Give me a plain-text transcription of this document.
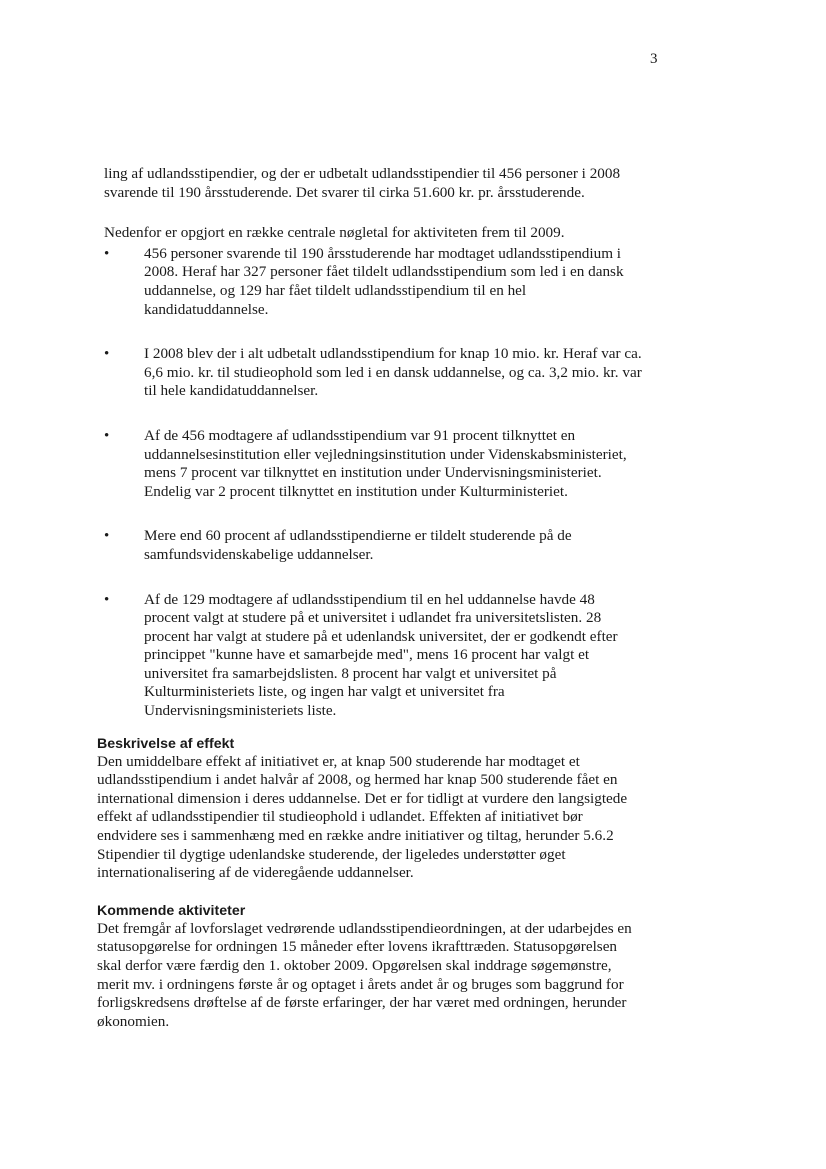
3

ling af udlandsstipendier, og der er udbetalt udlandsstipendier til 456 personer i 2008 svarende til 190 årsstuderende. Det svarer til cirka 51.600 kr. pr. årsstuderende.

Nedenfor er opgjort en række centrale nøgletal for aktiviteten frem til 2009.

• 456 personer svarende til 190 årsstuderende har modtaget udlandsstipendium i 2008. Heraf har 327 personer fået tildelt udlandsstipendium som led i en dansk uddannelse, og 129 har fået tildelt udlandsstipendium til en hel kandidatuddannelse.
• I 2008 blev der i alt udbetalt udlandsstipendium for knap 10 mio. kr. Heraf var ca. 6,6 mio. kr. til studieophold som led i en dansk uddannelse, og ca. 3,2 mio. kr. var til hele kandidatuddannelser.
• Af de 456 modtagere af udlandsstipendium var 91 procent tilknyttet en uddannelsesinstitution eller vejledningsinstitution under Videnskabsministeriet, mens 7 procent var tilknyttet en institution under Undervisningsministeriet. Endelig var 2 procent tilknyttet en institution under Kulturministeriet.
• Mere end 60 procent af udlandsstipendierne er tildelt studerende på de samfundsvidenskabelige uddannelser.
• Af de 129 modtagere af udlandsstipendium til en hel uddannelse havde 48 procent valgt at studere på et universitet i udlandet fra universitetslisten. 28 procent har valgt at studere på et udenlandsk universitet, der er godkendt efter princippet "kunne have et samarbejde med", mens 16 procent har valgt et universitet fra samarbejdslisten. 8 procent har valgt et universitet på Kulturministeriets liste, og ingen har valgt et universitet fra Undervisningsministeriets liste.
Beskrivelse af effekt

Den umiddelbare effekt af initiativet er, at knap 500 studerende har modtaget et udlandsstipendium i andet halvår af 2008, og hermed har knap 500 studerende fået en international dimension i deres uddannelse. Det er for tidligt at vurdere den langsigtede effekt af udlandsstipendier til studieophold i udlandet. Effekten af initiativet bør endvidere ses i sammenhæng med en række andre initiativer og tiltag, herunder 5.6.2 Stipendier til dygtige udenlandske studerende, der ligeledes understøtter øget internationalisering af de videregående uddannelser.

Kommende aktiviteter

Det fremgår af lovforslaget vedrørende udlandsstipendieordningen, at der udarbejdes en statusopgørelse for ordningen 15 måneder efter lovens ikrafttræden. Statusopgørelsen skal derfor være færdig den 1. oktober 2009. Opgørelsen skal inddrage søgemønstre, merit mv. i ordningens første år og optaget i årets andet år og bruges som baggrund for forligskredsens drøftelse af de første erfaringer, der har været med ordningen, herunder økonomien.
